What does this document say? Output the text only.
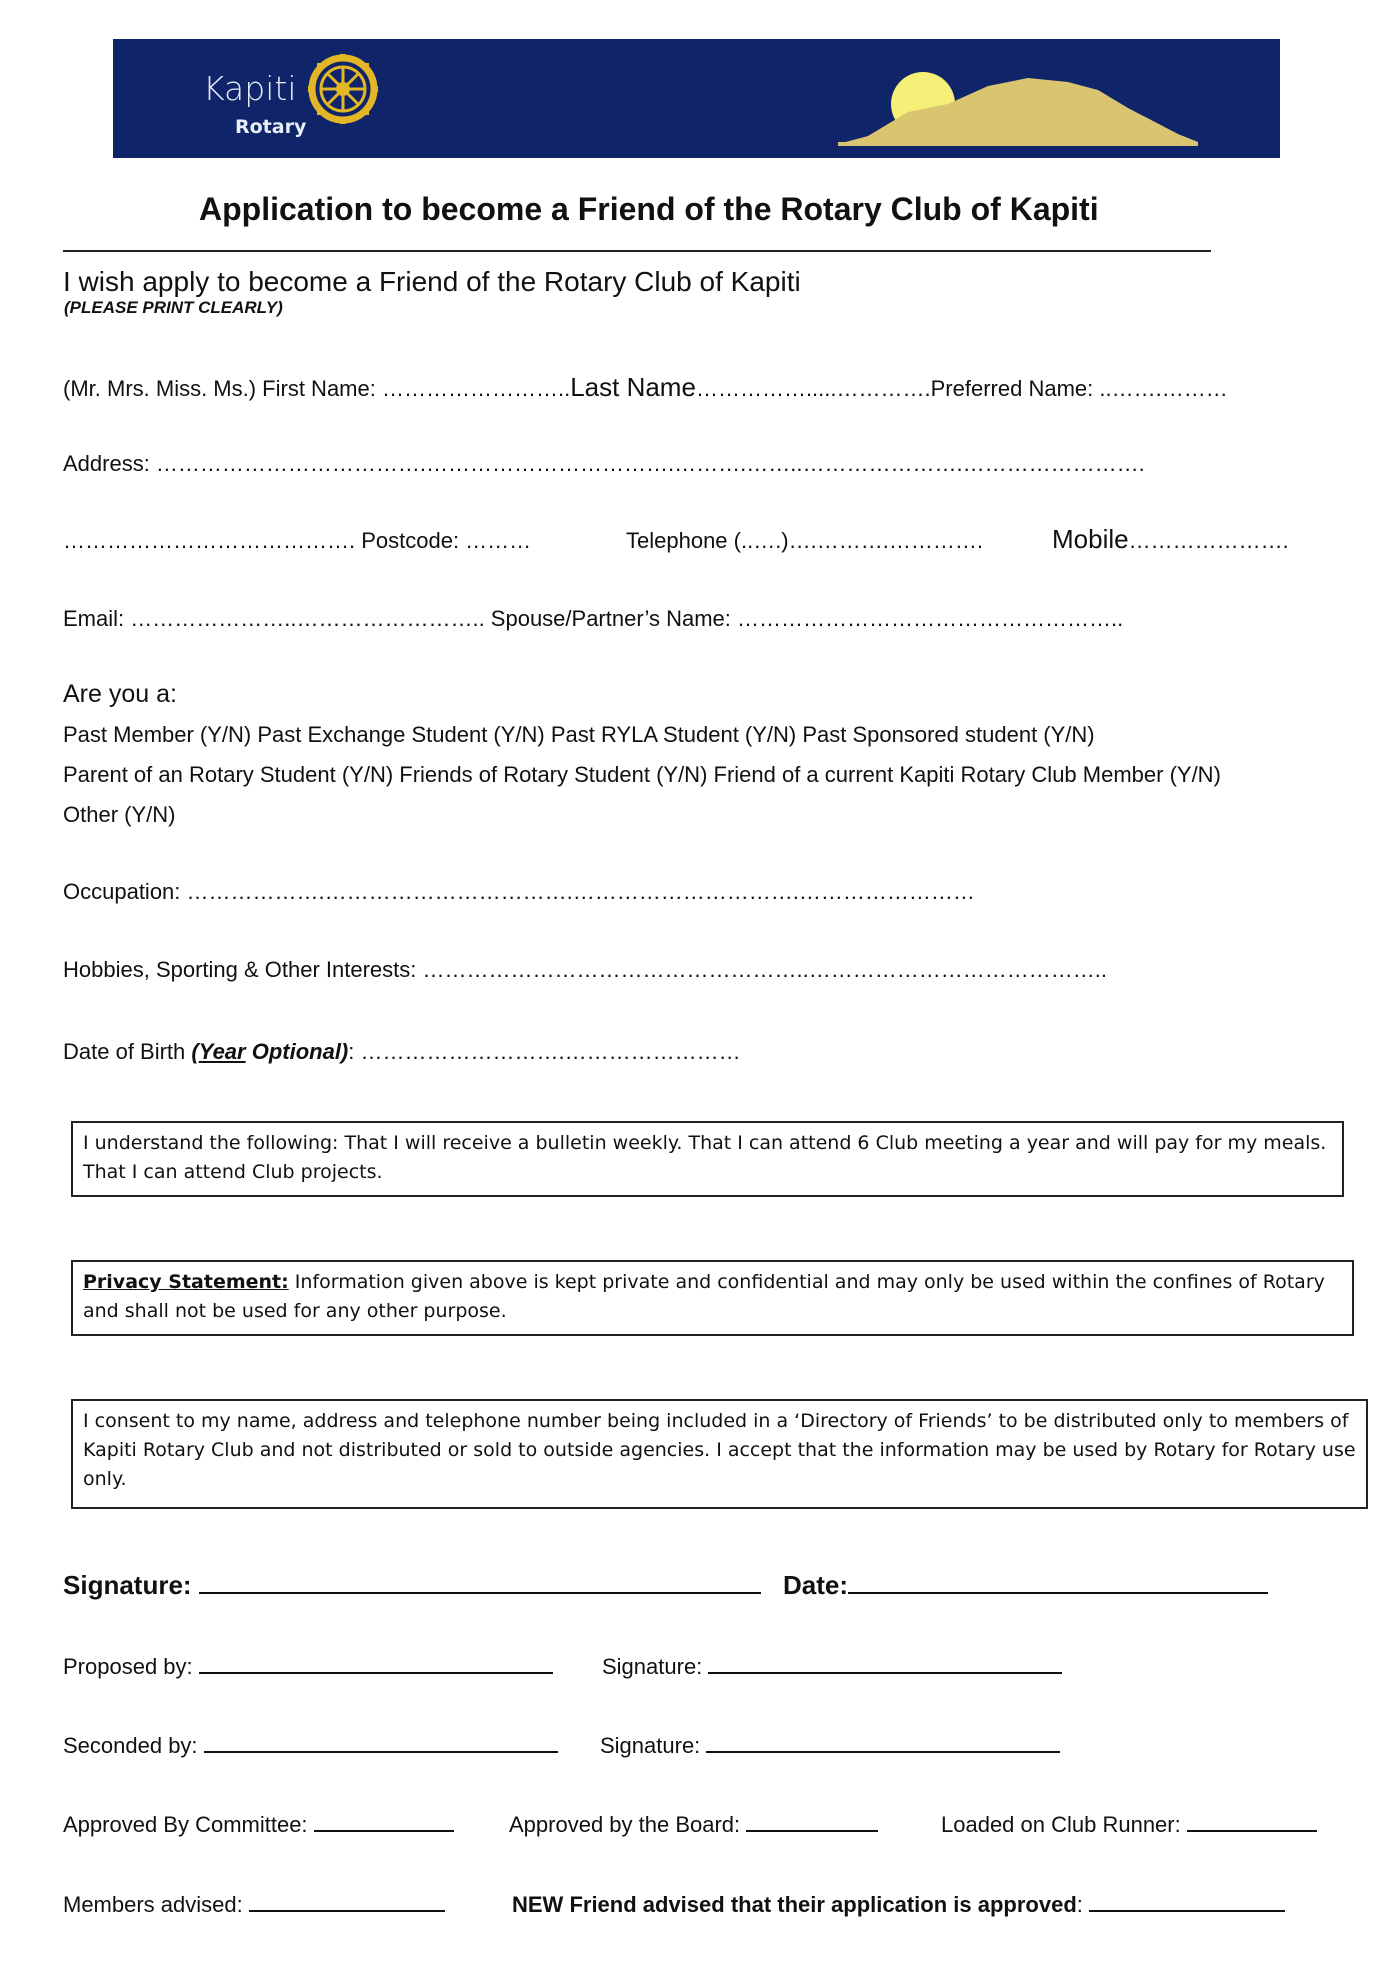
Kapiti
Rotary
Application to become a Friend of the Rotary Club of Kapiti
I wish apply to become a Friend of the Rotary Club of Kapiti
(PLEASE PRINT CLEARLY)
(Mr. Mrs. Miss. Ms.) First Name: ……………………..Last Name…………….....………….Preferred Name: ..…….………
Address: ……………………………….…………………………….……….……..………………….…………………….
…………………………………. Postcode: ………	Telephone (..….)….……….………….	Mobile………………….
Email: …………………..…………………….. Spouse/Partner’s Name: ……………………………………………..
Are you a:
Past Member (Y/N) Past Exchange Student (Y/N) Past RYLA Student (Y/N) Past Sponsored student (Y/N)
Parent of an Rotary Student (Y/N) Friends of Rotary Student (Y/N) Friend of a current Kapiti Rotary Club Member (Y/N)
Other (Y/N)
Occupation: ……………….…………………………….………………………….……………………
Hobbies, Sporting & Other Interests: ……………………………………………..…………………………………..
Date of Birth (Year Optional): ……………………….……………………
I understand the following: That I will receive a bulletin weekly. That I can attend 6 Club meeting a year and will pay for my meals. That I can attend Club projects.
Privacy Statement: Information given above is kept private and confidential and may only be used within the confines of Rotary and shall not be used for any other purpose.
I consent to my name, address and telephone number being included in a ‘Directory of Friends’ to be distributed only to members of Kapiti Rotary Club and not distributed or sold to outside agencies. I accept that the information may be used by Rotary for Rotary use only.
Signature:	Date:
Proposed by:	Signature:
Seconded by:	Signature:
Approved By Committee:	Approved by the Board:	Loaded on Club Runner:
Members advised:	NEW Friend advised that their application is approved:
